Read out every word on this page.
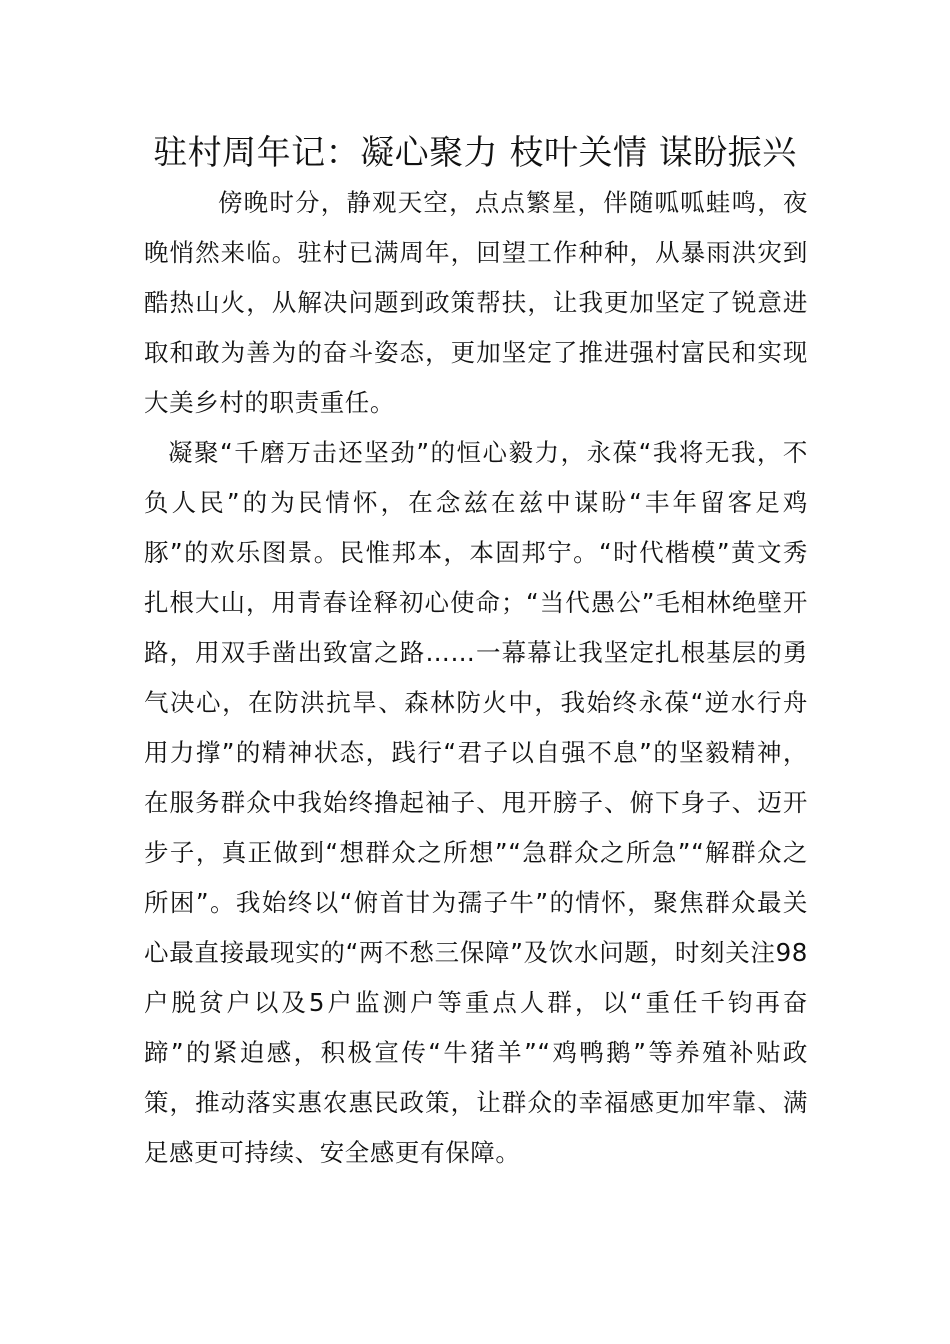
驻村周年记：凝心聚力 枝叶关情 谋盼振兴

傍晚时分，静观天空，点点繁星，伴随呱呱蛙鸣，夜晚悄然来临。驻村已满周年，回望工作种种，从暴雨洪灾到酷热山火，从解决问题到政策帮扶，让我更加坚定了锐意进取和敢为善为的奋斗姿态，更加坚定了推进强村富民和实现大美乡村的职责重任。

凝聚“千磨万击还坚劲”的恒心毅力，永葆“我将无我，不负人民”的为民情怀，在念兹在兹中谋盼“丰年留客足鸡豚”的欢乐图景。民惟邦本，本固邦宁。“时代楷模”黄文秀扎根大山，用青春诠释初心使命；“当代愚公”毛相林绝壁开路，用双手凿出致富之路……一幕幕让我坚定扎根基层的勇气决心，在防洪抗旱、森林防火中，我始终永葆“逆水行舟用力撑”的精神状态，践行“君子以自强不息”的坚毅精神，在服务群众中我始终撸起袖子、甩开膀子、俯下身子、迈开步子，真正做到“想群众之所想”“急群众之所急”“解群众之所困”。我始终以“俯首甘为孺子牛”的情怀，聚焦群众最关心最直接最现实的“两不愁三保障”及饮水问题，时刻关注98户脱贫户以及5户监测户等重点人群，以“重任千钧再奋蹄”的紧迫感，积极宣传“牛猪羊”“鸡鸭鹅”等养殖补贴政策，推动落实惠农惠民政策，让群众的幸福感更加牢靠、满足感更可持续、安全感更有保障。
